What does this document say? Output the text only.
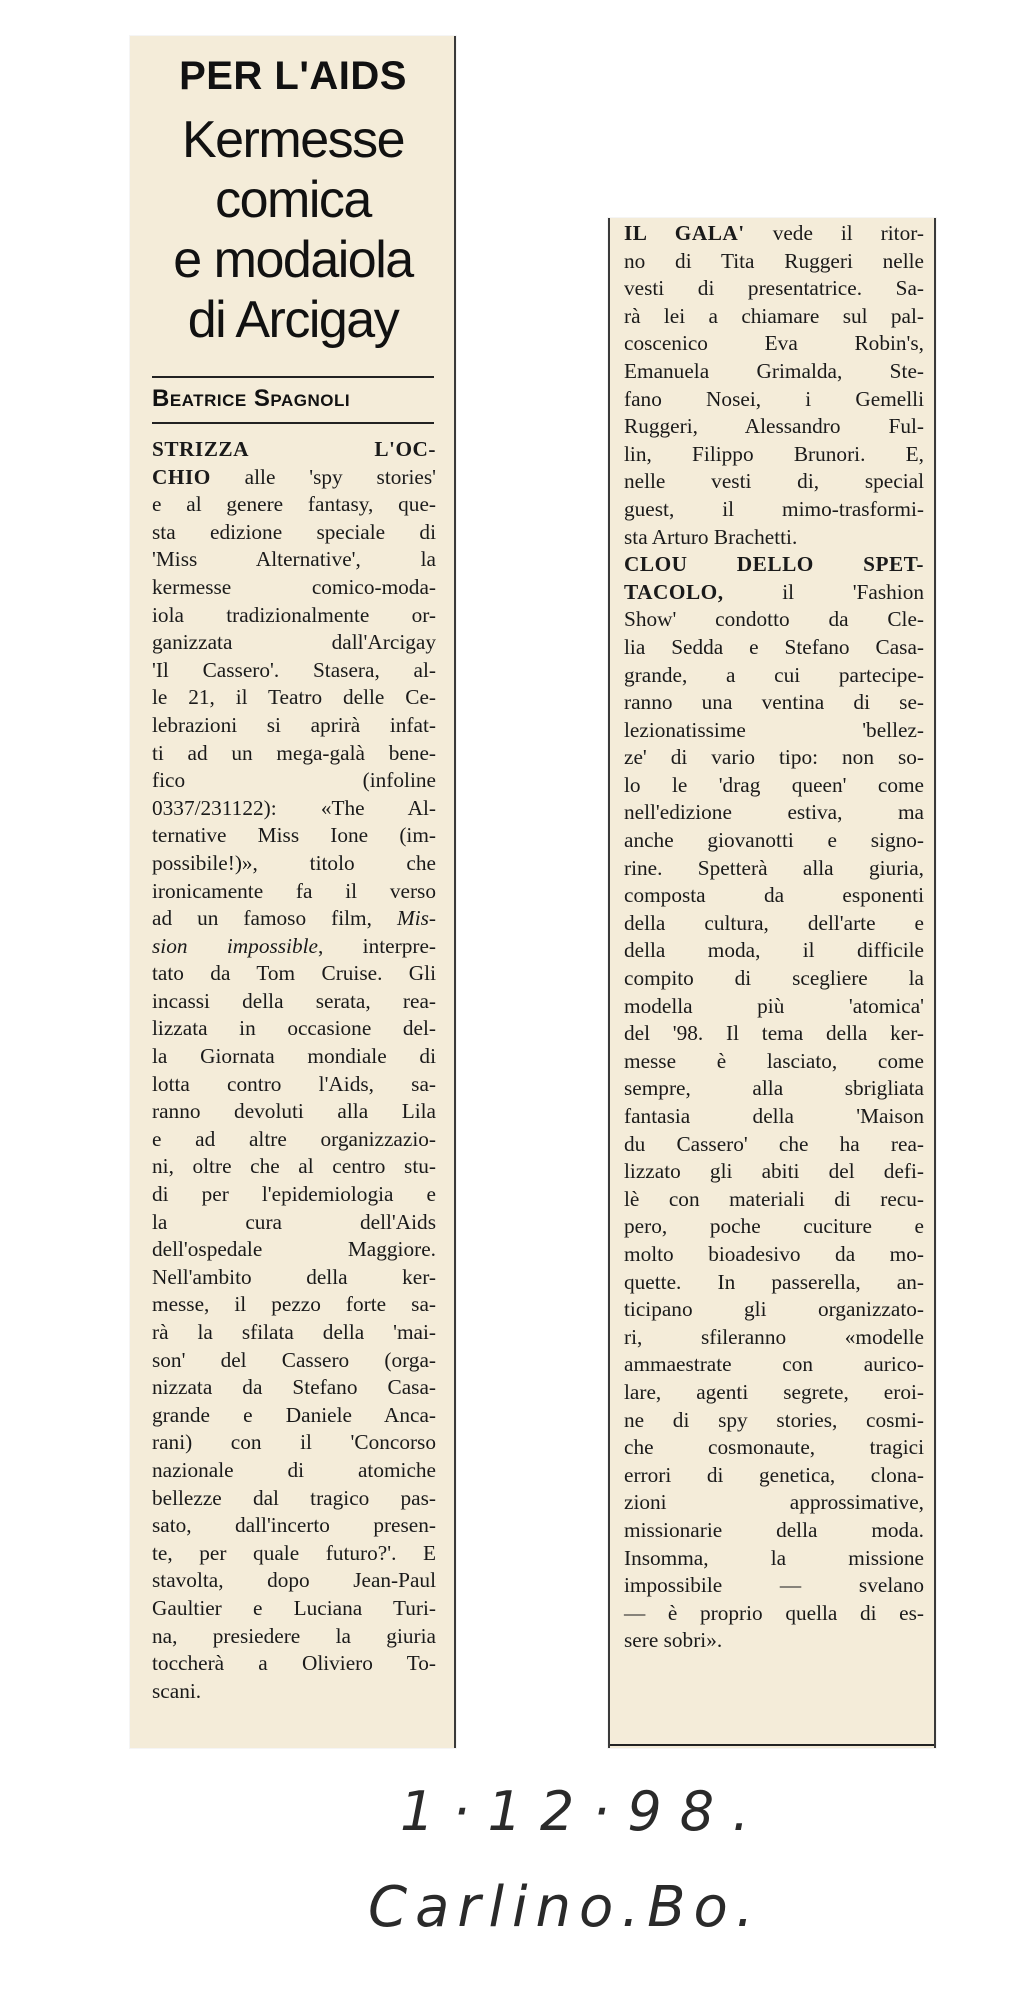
PER L'AIDS
Kermesse
comica
e modaiola
di Arcigay
Beatrice Spagnoli
STRIZZA L'OC-
CHIO alle 'spy stories'
e al genere fantasy, que-
sta edizione speciale di
'Miss Alternative', la
kermesse comico-moda-
iola tradizionalmente or-
ganizzata dall'Arcigay
'Il Cassero'. Stasera, al-
le 21, il Teatro delle Ce-
lebrazioni si aprirà infat-
ti ad un mega-galà bene-
fico (infoline
0337/231122): «The Al-
ternative Miss Ione (im-
possibile!)», titolo che
ironicamente fa il verso
ad un famoso film, Mis-
sion impossible, interpre-
tato da Tom Cruise. Gli
incassi della serata, rea-
lizzata in occasione del-
la Giornata mondiale di
lotta contro l'Aids, sa-
ranno devoluti alla Lila
e ad altre organizzazio-
ni, oltre che al centro stu-
di per l'epidemiologia e
la cura dell'Aids
dell'ospedale Maggiore.
Nell'ambito della ker-
messe, il pezzo forte sa-
rà la sfilata della 'mai-
son' del Cassero (orga-
nizzata da Stefano Casa-
grande e Daniele Anca-
rani) con il 'Concorso
nazionale di atomiche
bellezze dal tragico pas-
sato, dall'incerto presen-
te, per quale futuro?'. E
stavolta, dopo Jean-Paul
Gaultier e Luciana Turi-
na, presiedere la giuria
toccherà a Oliviero To-
scani.
IL GALA' vede il ritor-
no di Tita Ruggeri nelle
vesti di presentatrice. Sa-
rà lei a chiamare sul pal-
coscenico Eva Robin's,
Emanuela Grimalda, Ste-
fano Nosei, i Gemelli
Ruggeri, Alessandro Ful-
lin, Filippo Brunori. E,
nelle vesti di, special
guest, il mimo-trasformi-
sta Arturo Brachetti.
CLOU DELLO SPET-
TACOLO, il 'Fashion
Show' condotto da Cle-
lia Sedda e Stefano Casa-
grande, a cui partecipe-
ranno una ventina di se-
lezionatissime 'bellez-
ze' di vario tipo: non so-
lo le 'drag queen' come
nell'edizione estiva, ma
anche giovanotti e signo-
rine. Spetterà alla giuria,
composta da esponenti
della cultura, dell'arte e
della moda, il difficile
compito di scegliere la
modella più 'atomica'
del '98. Il tema della ker-
messe è lasciato, come
sempre, alla sbrigliata
fantasia della 'Maison
du Cassero' che ha rea-
lizzato gli abiti del defi-
lè con materiali di recu-
pero, poche cuciture e
molto bioadesivo da mo-
quette. In passerella, an-
ticipano gli organizzato-
ri, sfileranno «modelle
ammaestrate con aurico-
lare, agenti segrete, eroi-
ne di spy stories, cosmi-
che cosmonaute, tragici
errori di genetica, clona-
zioni approssimative,
missionarie della moda.
Insomma, la missione
impossibile — svelano
— è proprio quella di es-
sere sobri».
1·12·98.
Carlino.Bo.
